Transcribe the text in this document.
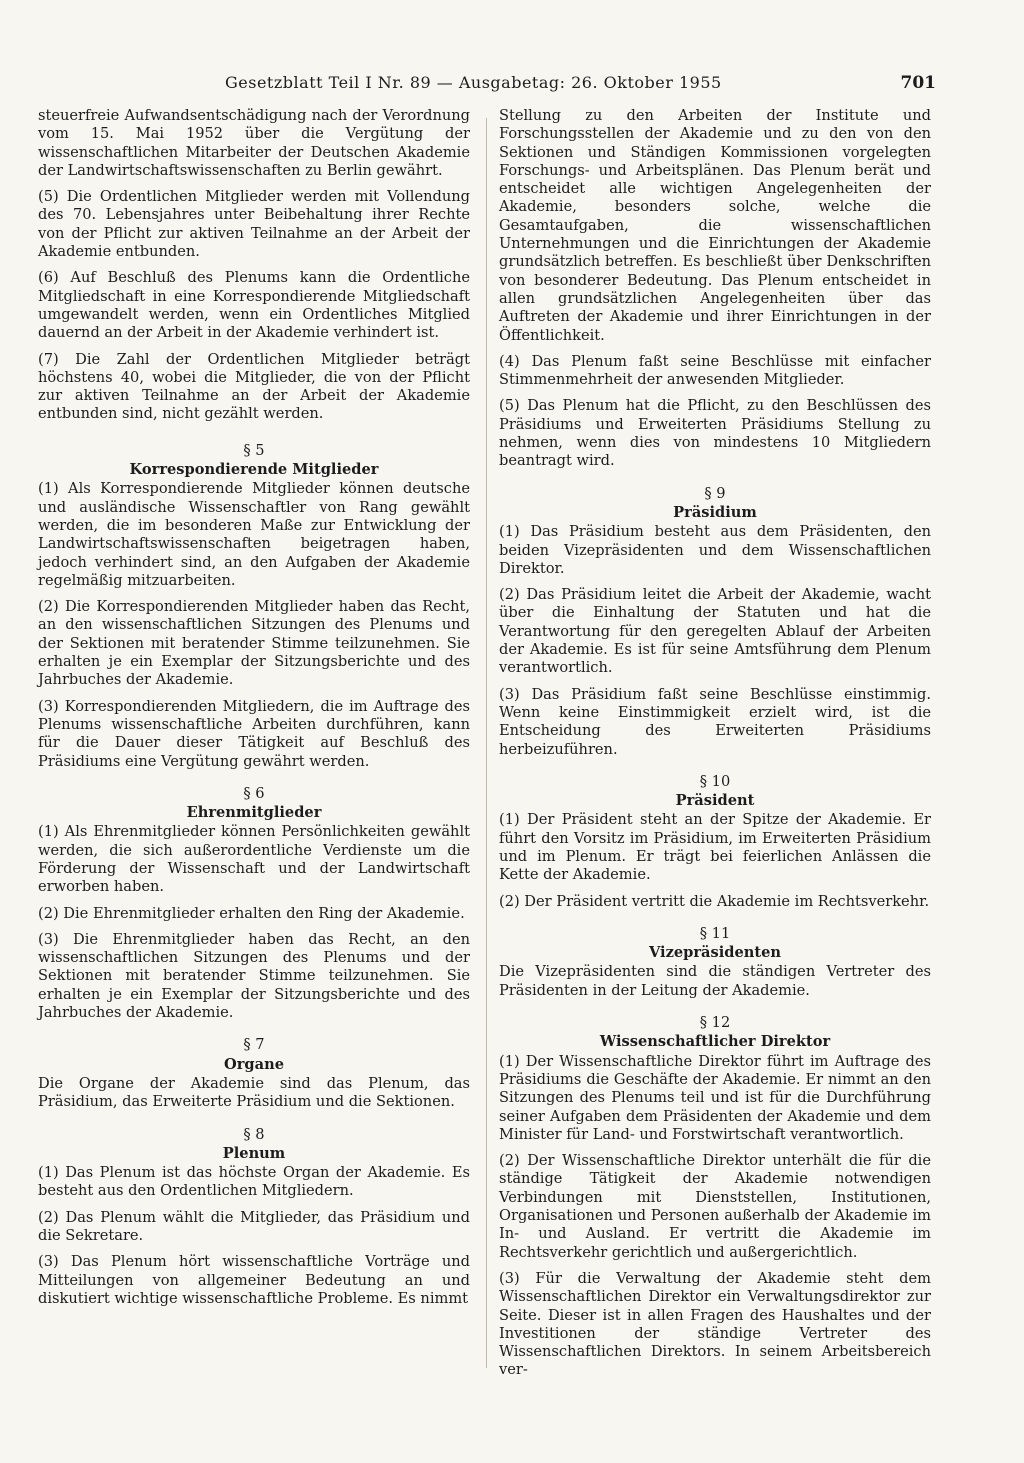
Gesetzblatt Teil I Nr. 89 — Ausgabetag: 26. Oktober 1955	701

steuerfreie Aufwandsentschädigung nach der Verordnung vom 15. Mai 1952 über die Vergütung der wissenschaftlichen Mitarbeiter der Deutschen Akademie der Landwirtschaftswissenschaften zu Berlin gewährt.

(5) Die Ordentlichen Mitglieder werden mit Vollendung des 70. Lebensjahres unter Beibehaltung ihrer Rechte von der Pflicht zur aktiven Teilnahme an der Arbeit der Akademie entbunden.

(6) Auf Beschluß des Plenums kann die Ordentliche Mitgliedschaft in eine Korrespondierende Mitgliedschaft umgewandelt werden, wenn ein Ordentliches Mitglied dauernd an der Arbeit in der Akademie verhindert ist.

(7) Die Zahl der Ordentlichen Mitglieder beträgt höchstens 40, wobei die Mitglieder, die von der Pflicht zur aktiven Teilnahme an der Arbeit der Akademie entbunden sind, nicht gezählt werden.

§ 5
Korrespondierende Mitglieder

(1) Als Korrespondierende Mitglieder können deutsche und ausländische Wissenschaftler von Rang gewählt werden, die im besonderen Maße zur Entwicklung der Landwirtschaftswissenschaften beigetragen haben, jedoch verhindert sind, an den Aufgaben der Akademie regelmäßig mitzuarbeiten.

(2) Die Korrespondierenden Mitglieder haben das Recht, an den wissenschaftlichen Sitzungen des Plenums und der Sektionen mit beratender Stimme teilzunehmen. Sie erhalten je ein Exemplar der Sitzungsberichte und des Jahrbuches der Akademie.

(3) Korrespondierenden Mitgliedern, die im Auftrage des Plenums wissenschaftliche Arbeiten durchführen, kann für die Dauer dieser Tätigkeit auf Beschluß des Präsidiums eine Vergütung gewährt werden.

§ 6
Ehrenmitglieder

(1) Als Ehrenmitglieder können Persönlichkeiten gewählt werden, die sich außerordentliche Verdienste um die Förderung der Wissenschaft und der Landwirtschaft erworben haben.

(2) Die Ehrenmitglieder erhalten den Ring der Akademie.

(3) Die Ehrenmitglieder haben das Recht, an den wissenschaftlichen Sitzungen des Plenums und der Sektionen mit beratender Stimme teilzunehmen. Sie erhalten je ein Exemplar der Sitzungsberichte und des Jahrbuches der Akademie.

§ 7
Organe

Die Organe der Akademie sind das Plenum, das Präsidium, das Erweiterte Präsidium und die Sektionen.

§ 8
Plenum

(1) Das Plenum ist das höchste Organ der Akademie. Es besteht aus den Ordentlichen Mitgliedern.

(2) Das Plenum wählt die Mitglieder, das Präsidium und die Sekretare.

(3) Das Plenum hört wissenschaftliche Vorträge und Mitteilungen von allgemeiner Bedeutung an und diskutiert wichtige wissenschaftliche Probleme. Es nimmt

Stellung zu den Arbeiten der Institute und Forschungsstellen der Akademie und zu den von den Sektionen und Ständigen Kommissionen vorgelegten Forschungs- und Arbeitsplänen. Das Plenum berät und entscheidet alle wichtigen Angelegenheiten der Akademie, besonders solche, welche die Gesamtaufgaben, die wissenschaftlichen Unternehmungen und die Einrichtungen der Akademie grundsätzlich betreffen. Es beschließt über Denkschriften von besonderer Bedeutung. Das Plenum entscheidet in allen grundsätzlichen Angelegenheiten über das Auftreten der Akademie und ihrer Einrichtungen in der Öffentlichkeit.

(4) Das Plenum faßt seine Beschlüsse mit einfacher Stimmenmehrheit der anwesenden Mitglieder.

(5) Das Plenum hat die Pflicht, zu den Beschlüssen des Präsidiums und Erweiterten Präsidiums Stellung zu nehmen, wenn dies von mindestens 10 Mitgliedern beantragt wird.

§ 9
Präsidium

(1) Das Präsidium besteht aus dem Präsidenten, den beiden Vizepräsidenten und dem Wissenschaftlichen Direktor.

(2) Das Präsidium leitet die Arbeit der Akademie, wacht über die Einhaltung der Statuten und hat die Verantwortung für den geregelten Ablauf der Arbeiten der Akademie. Es ist für seine Amtsführung dem Plenum verantwortlich.

(3) Das Präsidium faßt seine Beschlüsse einstimmig. Wenn keine Einstimmigkeit erzielt wird, ist die Entscheidung des Erweiterten Präsidiums herbeizuführen.

§ 10
Präsident

(1) Der Präsident steht an der Spitze der Akademie. Er führt den Vorsitz im Präsidium, im Erweiterten Präsidium und im Plenum. Er trägt bei feierlichen Anlässen die Kette der Akademie.

(2) Der Präsident vertritt die Akademie im Rechtsverkehr.

§ 11
Vizepräsidenten

Die Vizepräsidenten sind die ständigen Vertreter des Präsidenten in der Leitung der Akademie.

§ 12
Wissenschaftlicher Direktor

(1) Der Wissenschaftliche Direktor führt im Auftrage des Präsidiums die Geschäfte der Akademie. Er nimmt an den Sitzungen des Plenums teil und ist für die Durchführung seiner Aufgaben dem Präsidenten der Akademie und dem Minister für Land- und Forstwirtschaft verantwortlich.

(2) Der Wissenschaftliche Direktor unterhält die für die ständige Tätigkeit der Akademie notwendigen Verbindungen mit Dienststellen, Institutionen, Organisationen und Personen außerhalb der Akademie im In- und Ausland. Er vertritt die Akademie im Rechtsverkehr gerichtlich und außergerichtlich.

(3) Für die Verwaltung der Akademie steht dem Wissenschaftlichen Direktor ein Verwaltungsdirektor zur Seite. Dieser ist in allen Fragen des Haushaltes und der Investitionen der ständige Vertreter des Wissenschaftlichen Direktors. In seinem Arbeitsbereich ver-
